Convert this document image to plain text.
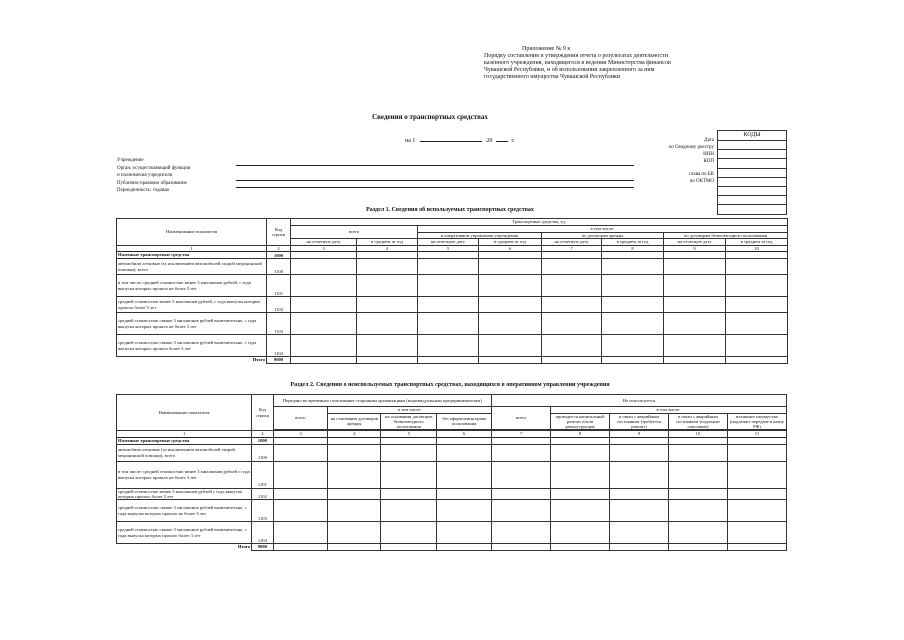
Приложение № 9 к
Порядку составления и утверждения отчета о результатах деятельности
казенного учреждения, находящегося в ведении Министерства финансов
Чувашской Республики, и об использовании закрепленного за ним
государственного имущества Чувашской Республики
Сведения о транспортных средствах
на 1	20	г.
КОДЫ

Дата
по Сводному реестру
ИНН
КПП
глава по БК
по ОКТМО
Учреждение
Орган, осуществляющий функции
и полномочия учредителя
Публично-правовое образование
Периодичность: годовая
Раздел 1. Сведения об используемых транспортных средствах
Наименование показателя	Код строки	Транспортные средства, ед.							
		всего		в том числе:					
				в оперативном управлении учреждения		по договорам аренды		по договорам безвозмездного пользования	
		на отчетную дату	в среднем за год	на отчетную дату	в среднем за год	на отчетную дату	в среднем за год	на отчетную дату	в среднем за год
1	2	3	4	5	6	7	8	9	10
Наземные транспортные средства	1000								
автомобили легковые (за исключением автомобилей скорой медицинской помощи), всего	1100								
в том числе: средней стоимостью менее 3 миллионов рублей, с года выпуска которых прошло не более 3 лет	1101								
средней стоимостью менее 3 миллионов рублей, с года выпуска которых прошло более 3 лет	1102								
средней стоимостью свыше 3 миллионов рублей включительно, с года выпуска которых прошло не более 3 лет	1103								
средней стоимостью свыше 3 миллионов рублей включительно, с года выпуска которых прошло более 3 лет	1104								
Итого	9000								
Раздел 2. Сведения о неиспользуемых транспортных средствах, находящихся в оперативном управлении учреждения
Наименование показателя	Код строки	Передано во временное пользование сторонним организациям (индивидуальным предпринимателям)				Не используется				
		всего	в том числе:			всего	в том числе:			
			на основании договоров аренды	на основании договоров безвозмездного пользования	без оформления права пользования		проводится капитальный ремонт и/или реконструкция	в связи с аварийным состоянием (требуется ремонт)	в связи с аварийным состоянием (подлежит списанию)	излишнее имущество (подлежит передаче в казну РФ)

1	2	3	4	5	6	7	8	9	10	11
Наземные транспортные средства	1000									
автомобили легковые (за исключением автомобилей скорой медицинской помощи), всего	1100									
в том числе: средней стоимостью менее 3 миллионов рублей с года выпуска которых прошло не более 3 лет	1101									
средней стоимостью менее 3 миллионов рублей с года выпуска которых прошло более 3 лет	1102									
средней стоимостью свыше 3 миллионов рублей включительно, с года выпуска которых прошло не более 3 лет	1103									
средней стоимостью свыше 3 миллионов рублей включительно, с года выпуска которых прошло более 3 лет	1104									
Итого	9000									
